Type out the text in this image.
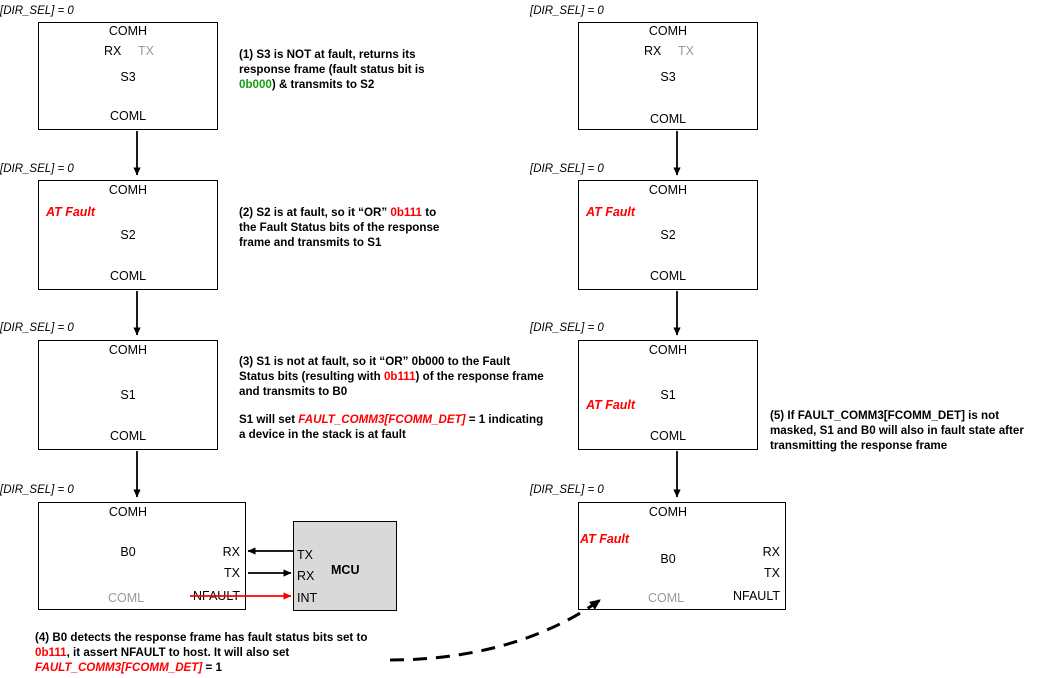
[DIR_SEL] = 0
COMH
RX TX
S3
COML
[DIR_SEL] = 0
COMH
AT Fault
S2
COML
[DIR_SEL] = 0
COMH
S1
COML
[DIR_SEL] = 0
COMH
B0	RX
TX
NFAULT
COML
TX
RX
INT
MCU
[DIR_SEL] = 0
COMH
RX TX
S3
COML
[DIR_SEL] = 0
COMH
AT Fault
S2
COML
[DIR_SEL] = 0
COMH
AT Fault
S1
COML
[DIR_SEL] = 0
COMH
AT Fault
B0	RX
TX
NFAULT
COML
(1) S3 is NOT at fault, returns its
response frame (fault status bit is
0b000) & transmits to S2
(2) S2 is at fault, so it “OR” 0b111 to
the Fault Status bits of the response
frame and transmits to S1
(3) S1 is not at fault, so it “OR” 0b000 to the Fault
Status bits (resulting with 0b111) of the response frame
and transmits to B0
S1 will set FAULT_COMM3[FCOMM_DET] = 1 indicating
a device in the stack is at fault
(4) B0 detects the response frame has fault status bits set to
0b111, it assert NFAULT to host. It will also set
FAULT_COMM3[FCOMM_DET] = 1
(5) If FAULT_COMM3[FCOMM_DET] is not
masked, S1 and B0 will also in fault state after
transmitting the response frame
